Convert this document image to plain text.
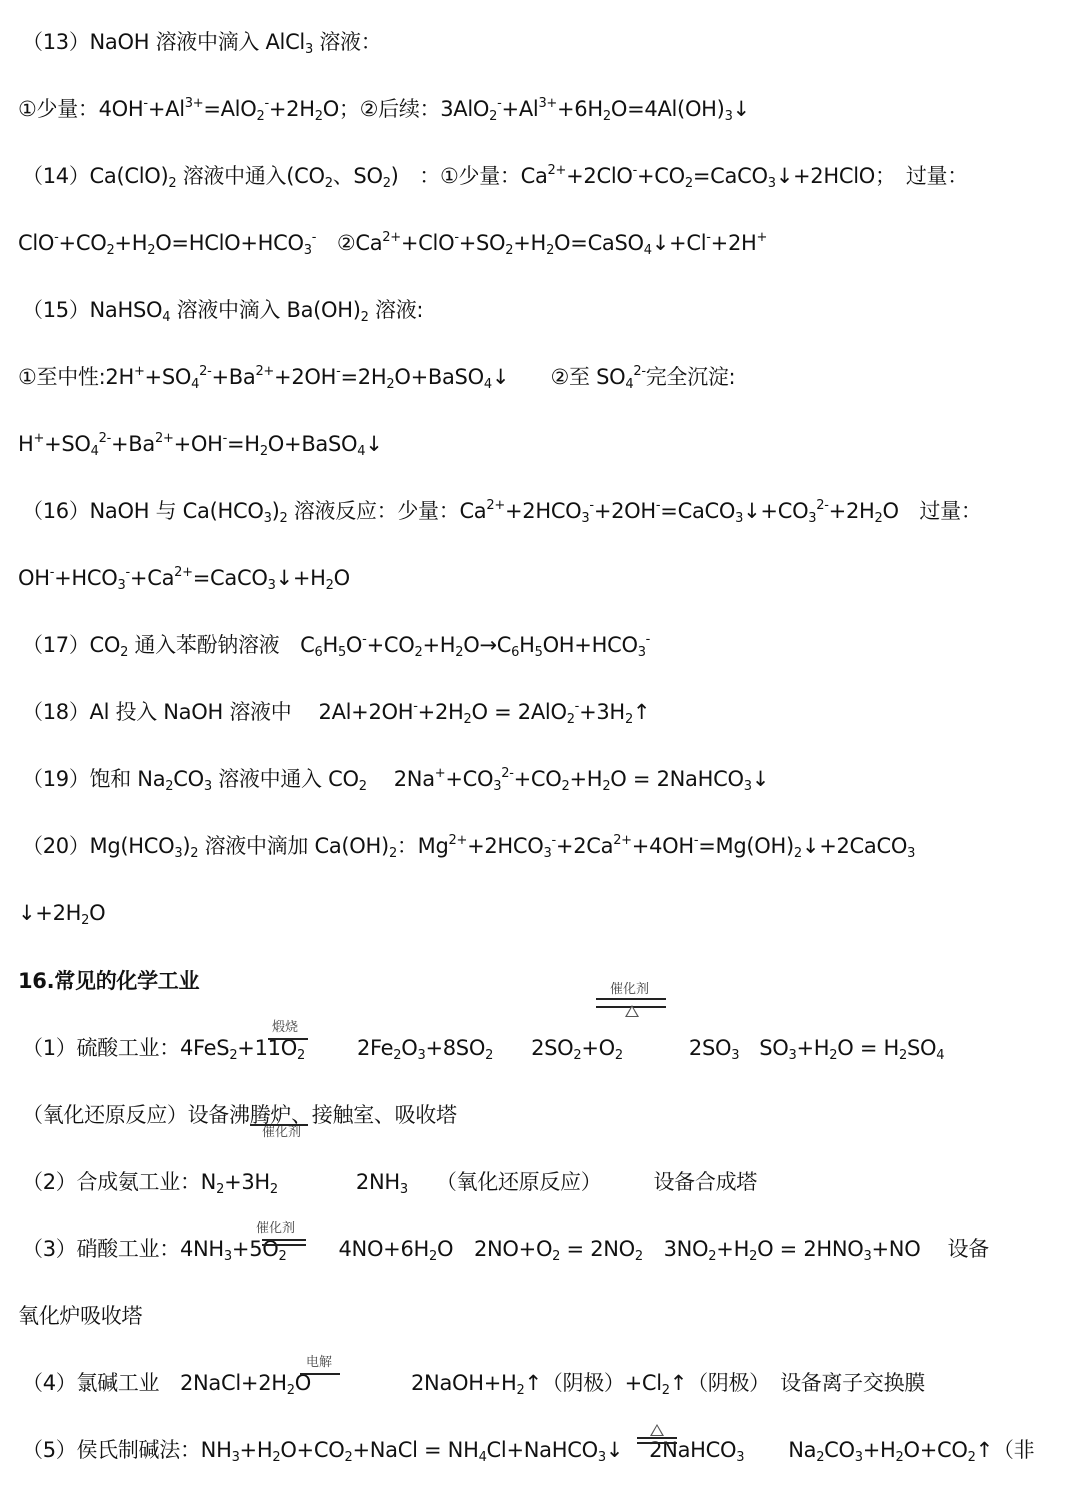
（13）NaOH 溶液中滴入 AlCl$_3$ 溶液：
①少量：$4OH^-+Al^{3+}=AlO_2^-+2H_2O$；②后续：$3AlO_2^-+Al^{3+}+6H_2O=4Al(OH)_3↓$
$(14)Ca(ClO)_2$ 溶液中通入($CO_2$、$SO_2$)　：①少量：$Ca^{2+}+2ClO^-+CO_2=CaCO_3↓+2HClO$；　过量：
$ClO^-+CO_2+H_2O=HClO+HCO_3^-$　$②Ca^{2+}+ClO^-+SO_2+H_2O=CaSO_4↓+Cl^-+2H^+$
（15）NaHSO$_4$ 溶液中滴入 $Ba(OH)_2$ 溶液:
①至中性$:2H^++SO_4^{2-}+Ba^{2+}+2OH^-=2H_2O+BaSO_4↓$　　②至 $SO_4^{2-}$完全沉淀:
$H^++SO_4^{2-}+Ba^{2+}+OH^-=H_2O+BaSO_4↓$
（16）NaOH 与 $Ca(HCO_3)_2$ 溶液反应：少量：$Ca^{2+}+2HCO_3^-+2OH^-=CaCO_3↓+CO_3^{2-}+2H_2O$　过量：
$OH^-+HCO_3^-+Ca^{2+}=CaCO_3↓+H_2O$
$(17)CO_2$ 通入苯酚钠溶液　$C_6H_5O^-+CO_2+H_2O\to C_6H_5OH+HCO_3^-$
（18）Al 投入 NaOH 溶液中　 $2Al+2OH^-+2H_2O$ = $2AlO_2^-+3H_2↑$
（19）饱和 $Na_2CO_3$ 溶液中通入 $CO_2$　 $2Na^++CO_3^{2-}+CO_2+H_2O$ = 2NaHCO$_3$↓
$(20)Mg(HCO_3)_2$ 溶液中滴加 $Ca(OH)_2$：$Mg^{2+}+2HCO_3^-+2Ca^{2+}+4OH^-=Mg(OH)_2↓+2CaCO_3$
$↓+2H_2O$
（1）硫酸工业：$4FeS_2+11O_2$ $2Fe_2O_3+8SO_2$ $2SO_2+O_2$	$2SO_3$ $SO_3+H_2O = H_2SO_4$
（氧化还原反应）设备沸腾炉、接触室、吸收塔
（2）合成氨工业：$N_2+3H_2$	$2NH_3$ （氧化还原反应） 设备合成塔
（3）硝酸工业：$4NH_3+5O_2$ $4NO+6H_2O$　$2NO+O_2 = 2NO_2$　$3NO_2+H_2O = 2HNO_3+NO$　 设备
氧化炉吸收塔
（4）氯碱工业　$2NaCl+2H_2O$	$2NaOH+H_2↑$（阴极）$+Cl_2↑$（阴极）　设备离子交换膜
（5）侯氏制碱法：$NH_3+H_2O+CO_2+NaCl$ = $NH_4Cl+NaHCO_3↓$ 2NaHCO$_3$ $Na_2CO_3+H_2O+CO_2↑$（非
16.常见的化学工业	催化剂
煅烧
催化剂
催化剂
电解
